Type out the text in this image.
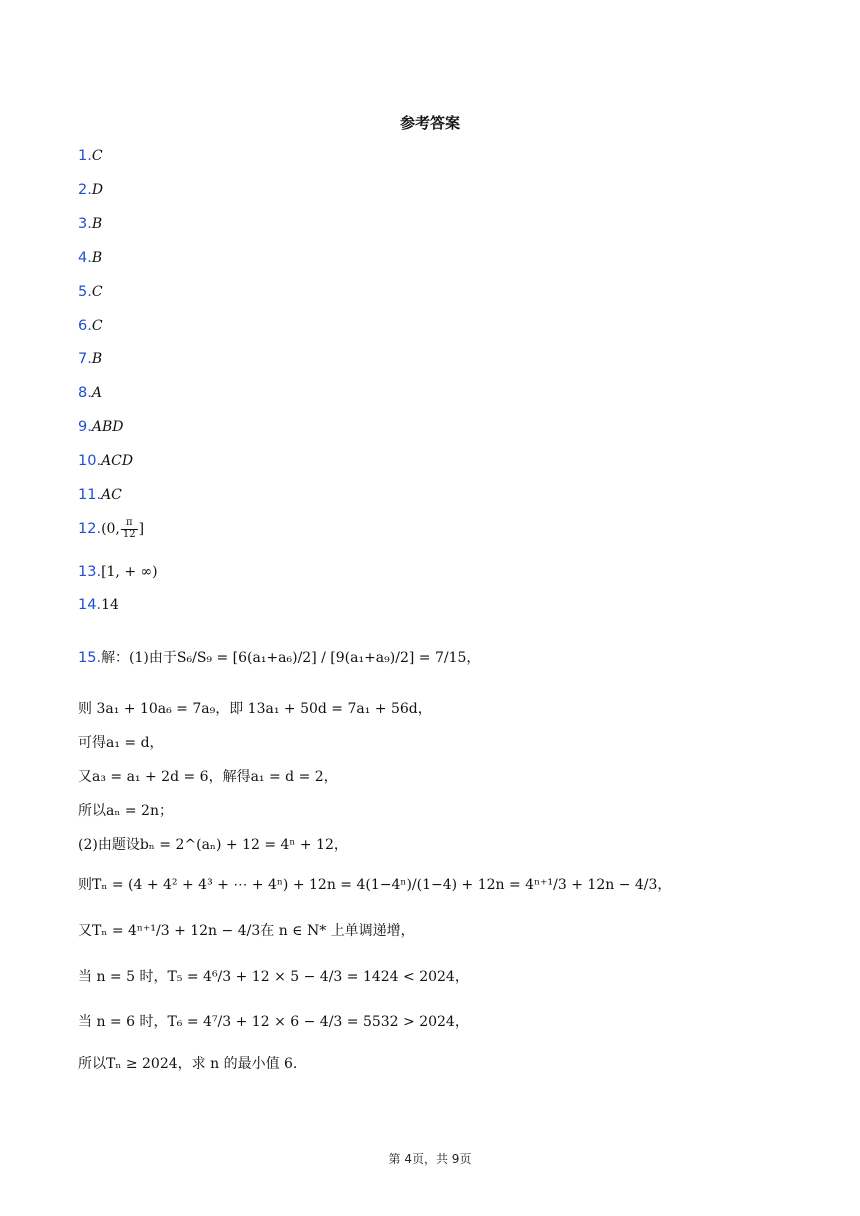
参考答案
1.C
2.D
3.B
4.B
5.C
6.C
7.B
8.A
9.ABD
10.ACD
11.AC
12.(0, $\frac{\pi}{12}$ ]
13.[1, + ∞)
14.14
15.解：(1)由于S₆/S₉ = [6(a₁+a₆)/2] / [9(a₁+a₉)/2] = 7/15，
则 3a₁ + 10a₆ = 7a₉，即 13a₁ + 50d = 7a₁ + 56d，
可得a₁ = d，
又a₃ = a₁ + 2d = 6，解得a₁ = d = 2，
所以aₙ = 2n；
(2)由题设bₙ = 2^(aₙ) + 12 = 4ⁿ + 12，
则Tₙ = (4 + 4² + 4³ + ⋯ + 4ⁿ) + 12n = 4(1−4ⁿ)/(1−4) + 12n = 4ⁿ⁺¹/3 + 12n − 4/3，
又Tₙ = 4ⁿ⁺¹/3 + 12n − 4/3在 n ∈ N* 上单调递增，
当 n = 5 时，T₅ = 4⁶/3 + 12 × 5 − 4/3 = 1424 < 2024，
当 n = 6 时，T₆ = 4⁷/3 + 12 × 6 − 4/3 = 5532 > 2024，
所以Tₙ ≥ 2024，求 n 的最小值 6.
第 4页，共 9页
